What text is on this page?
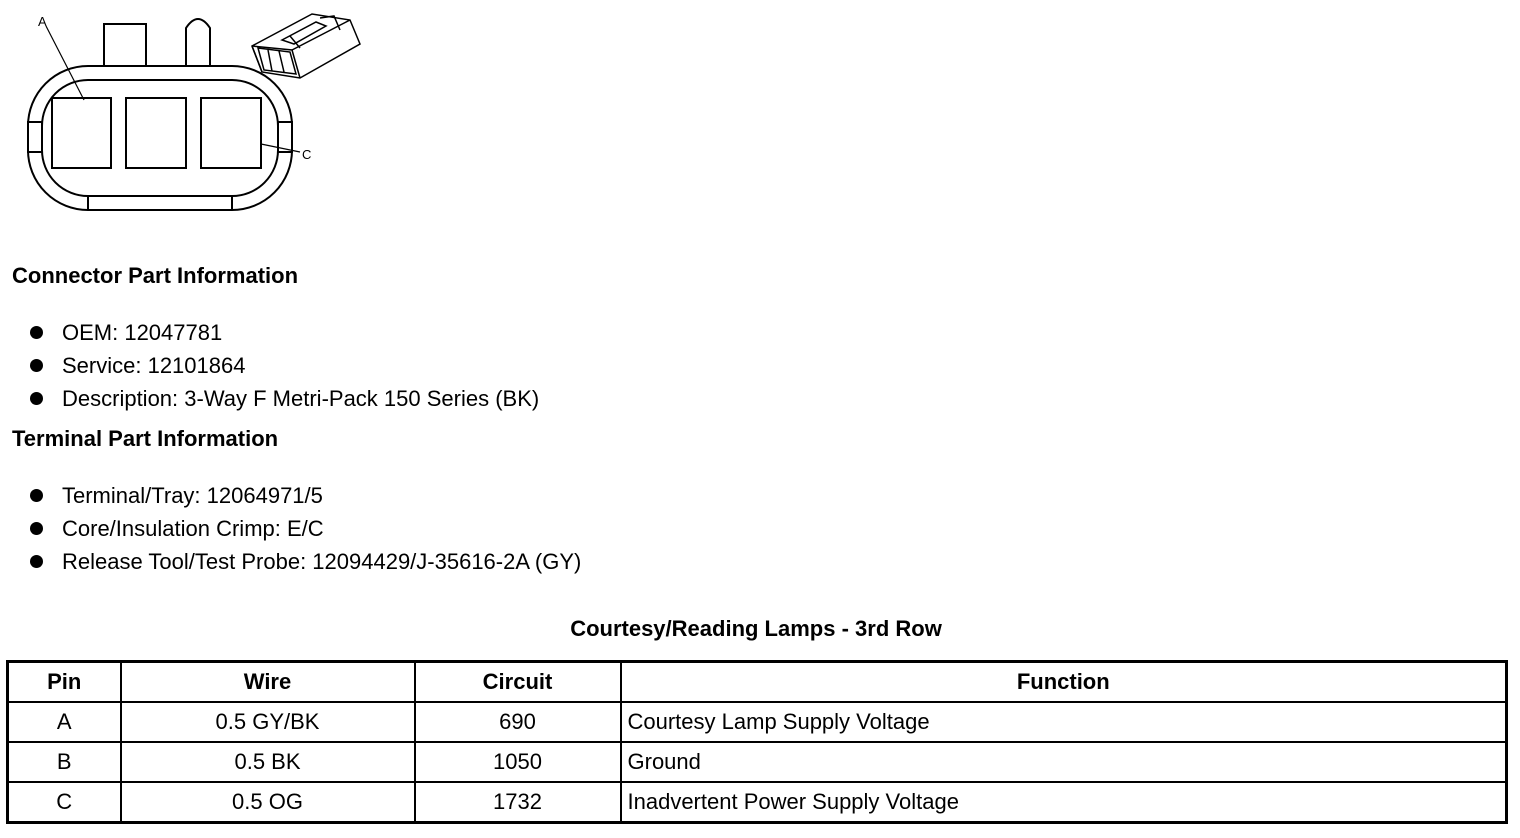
A
C
Connector Part Information
OEM: 12047781
Service: 12101864
Description: 3-Way F Metri-Pack 150 Series (BK)
Terminal Part Information
Terminal/Tray: 12064971/5
Core/Insulation Crimp: E/C
Release Tool/Test Probe: 12094429/J-35616-2A (GY)
Courtesy/Reading Lamps - 3rd Row
Pin	Wire	Circuit	Function
A	0.5 GY/BK	690	Courtesy Lamp Supply Voltage
B	0.5 BK	1050	Ground
C	0.5 OG	1732	Inadvertent Power Supply Voltage
